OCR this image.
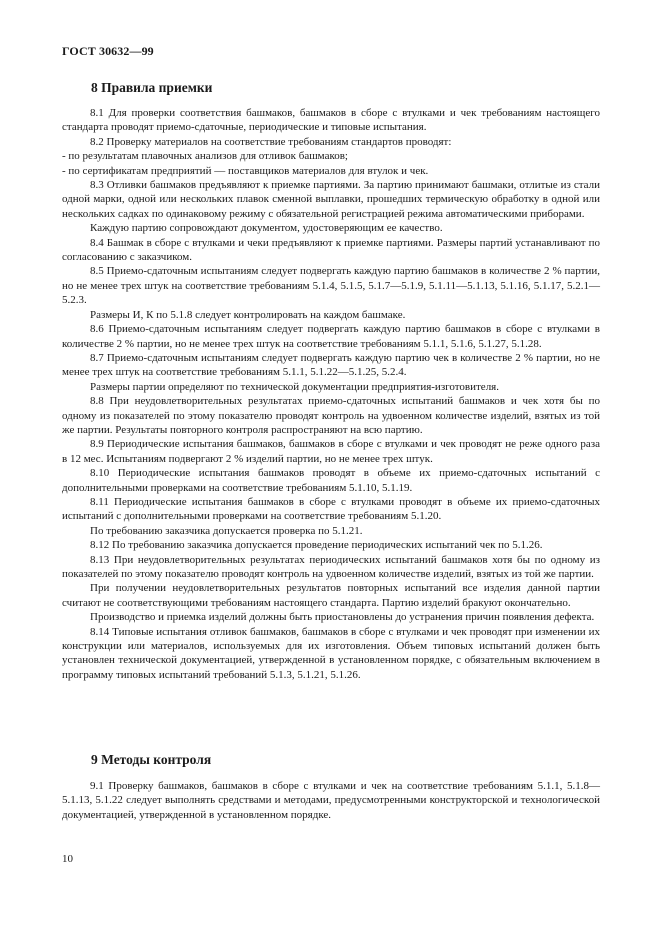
ГОСТ 30632—99
8 Правила приемки

8.1 Для проверки соответствия башмаков, башмаков в сборе с втулками и чек требованиям настоящего стандарта проводят приемо-сдаточные, периодические и типовые испытания.

8.2 Проверку материалов на соответствие требованиям стандартов проводят:

- по результатам плавочных анализов для отливок башмаков;

- по сертификатам предприятий — поставщиков материалов для втулок и чек.

8.3 Отливки башмаков предъявляют к приемке партиями. За партию принимают башмаки, отлитые из стали одной марки, одной или нескольких плавок сменной выплавки, прошедших термическую обработку в одной или нескольких садках по одинаковому режиму с обязательной регистрацией режима автоматическими приборами.

Каждую партию сопровождают документом, удостоверяющим ее качество.

8.4 Башмак в сборе с втулками и чеки предъявляют к приемке партиями. Размеры партий устанавливают по согласованию с заказчиком.

8.5 Приемо-сдаточным испытаниям следует подвергать каждую партию башмаков в количестве 2 % партии, но не менее трех штук на соответствие требованиям 5.1.4, 5.1.5, 5.1.7—5.1.9, 5.1.11—5.1.13, 5.1.16, 5.1.17, 5.2.1—5.2.3.

Размеры И, К по 5.1.8 следует контролировать на каждом башмаке.

8.6 Приемо-сдаточным испытаниям следует подвергать каждую партию башмаков в сборе с втулками в количестве 2 % партии, но не менее трех штук на соответствие требованиям 5.1.1, 5.1.6, 5.1.27, 5.1.28.

8.7 Приемо-сдаточным испытаниям следует подвергать каждую партию чек в количестве 2 % партии, но не менее трех штук на соответствие требованиям 5.1.1, 5.1.22—5.1.25, 5.2.4.

Размеры партии определяют по технической документации предприятия-изготовителя.

8.8 При неудовлетворительных результатах приемо-сдаточных испытаний башмаков и чек хотя бы по одному из показателей по этому показателю проводят контроль на удвоенном количестве изделий, взятых из той же партии. Результаты повторного контроля распространяют на всю партию.

8.9 Периодические испытания башмаков, башмаков в сборе с втулками и чек проводят не реже одного раза в 12 мес. Испытаниям подвергают 2 % изделий партии, но не менее трех штук.

8.10 Периодические испытания башмаков проводят в объеме их приемо-сдаточных испытаний с дополнительными проверками на соответствие требованиям 5.1.10, 5.1.19.

8.11 Периодические испытания башмаков в сборе с втулками проводят в объеме их приемо-сдаточных испытаний с дополнительными проверками на соответствие требованиям 5.1.20.

По требованию заказчика допускается проверка по 5.1.21.

8.12 По требованию заказчика допускается проведение периодических испытаний чек по 5.1.26.

8.13 При неудовлетворительных результатах периодических испытаний башмаков хотя бы по одному из показателей по этому показателю проводят контроль на удвоенном количестве изделий, взятых из той же партии.

При получении неудовлетворительных результатов повторных испытаний все изделия данной партии считают не соответствующими требованиям настоящего стандарта. Партию изделий бракуют окончательно.

Производство и приемка изделий должны быть приостановлены до устранения причин появления дефекта.

8.14 Типовые испытания отливок башмаков, башмаков в сборе с втулками и чек проводят при изменении их конструкции или материалов, используемых для их изготовления. Объем типовых испытаний должен быть установлен технической документацией, утвержденной в установленном порядке, с обязательным включением в программу типовых испытаний требований 5.1.3, 5.1.21, 5.1.26.

9 Методы контроля

9.1 Проверку башмаков, башмаков в сборе с втулками и чек на соответствие требованиям 5.1.1, 5.1.8—5.1.13, 5.1.22 следует выполнять средствами и методами, предусмотренными конструкторской и технологической документацией, утвержденной в установленном порядке.

10
